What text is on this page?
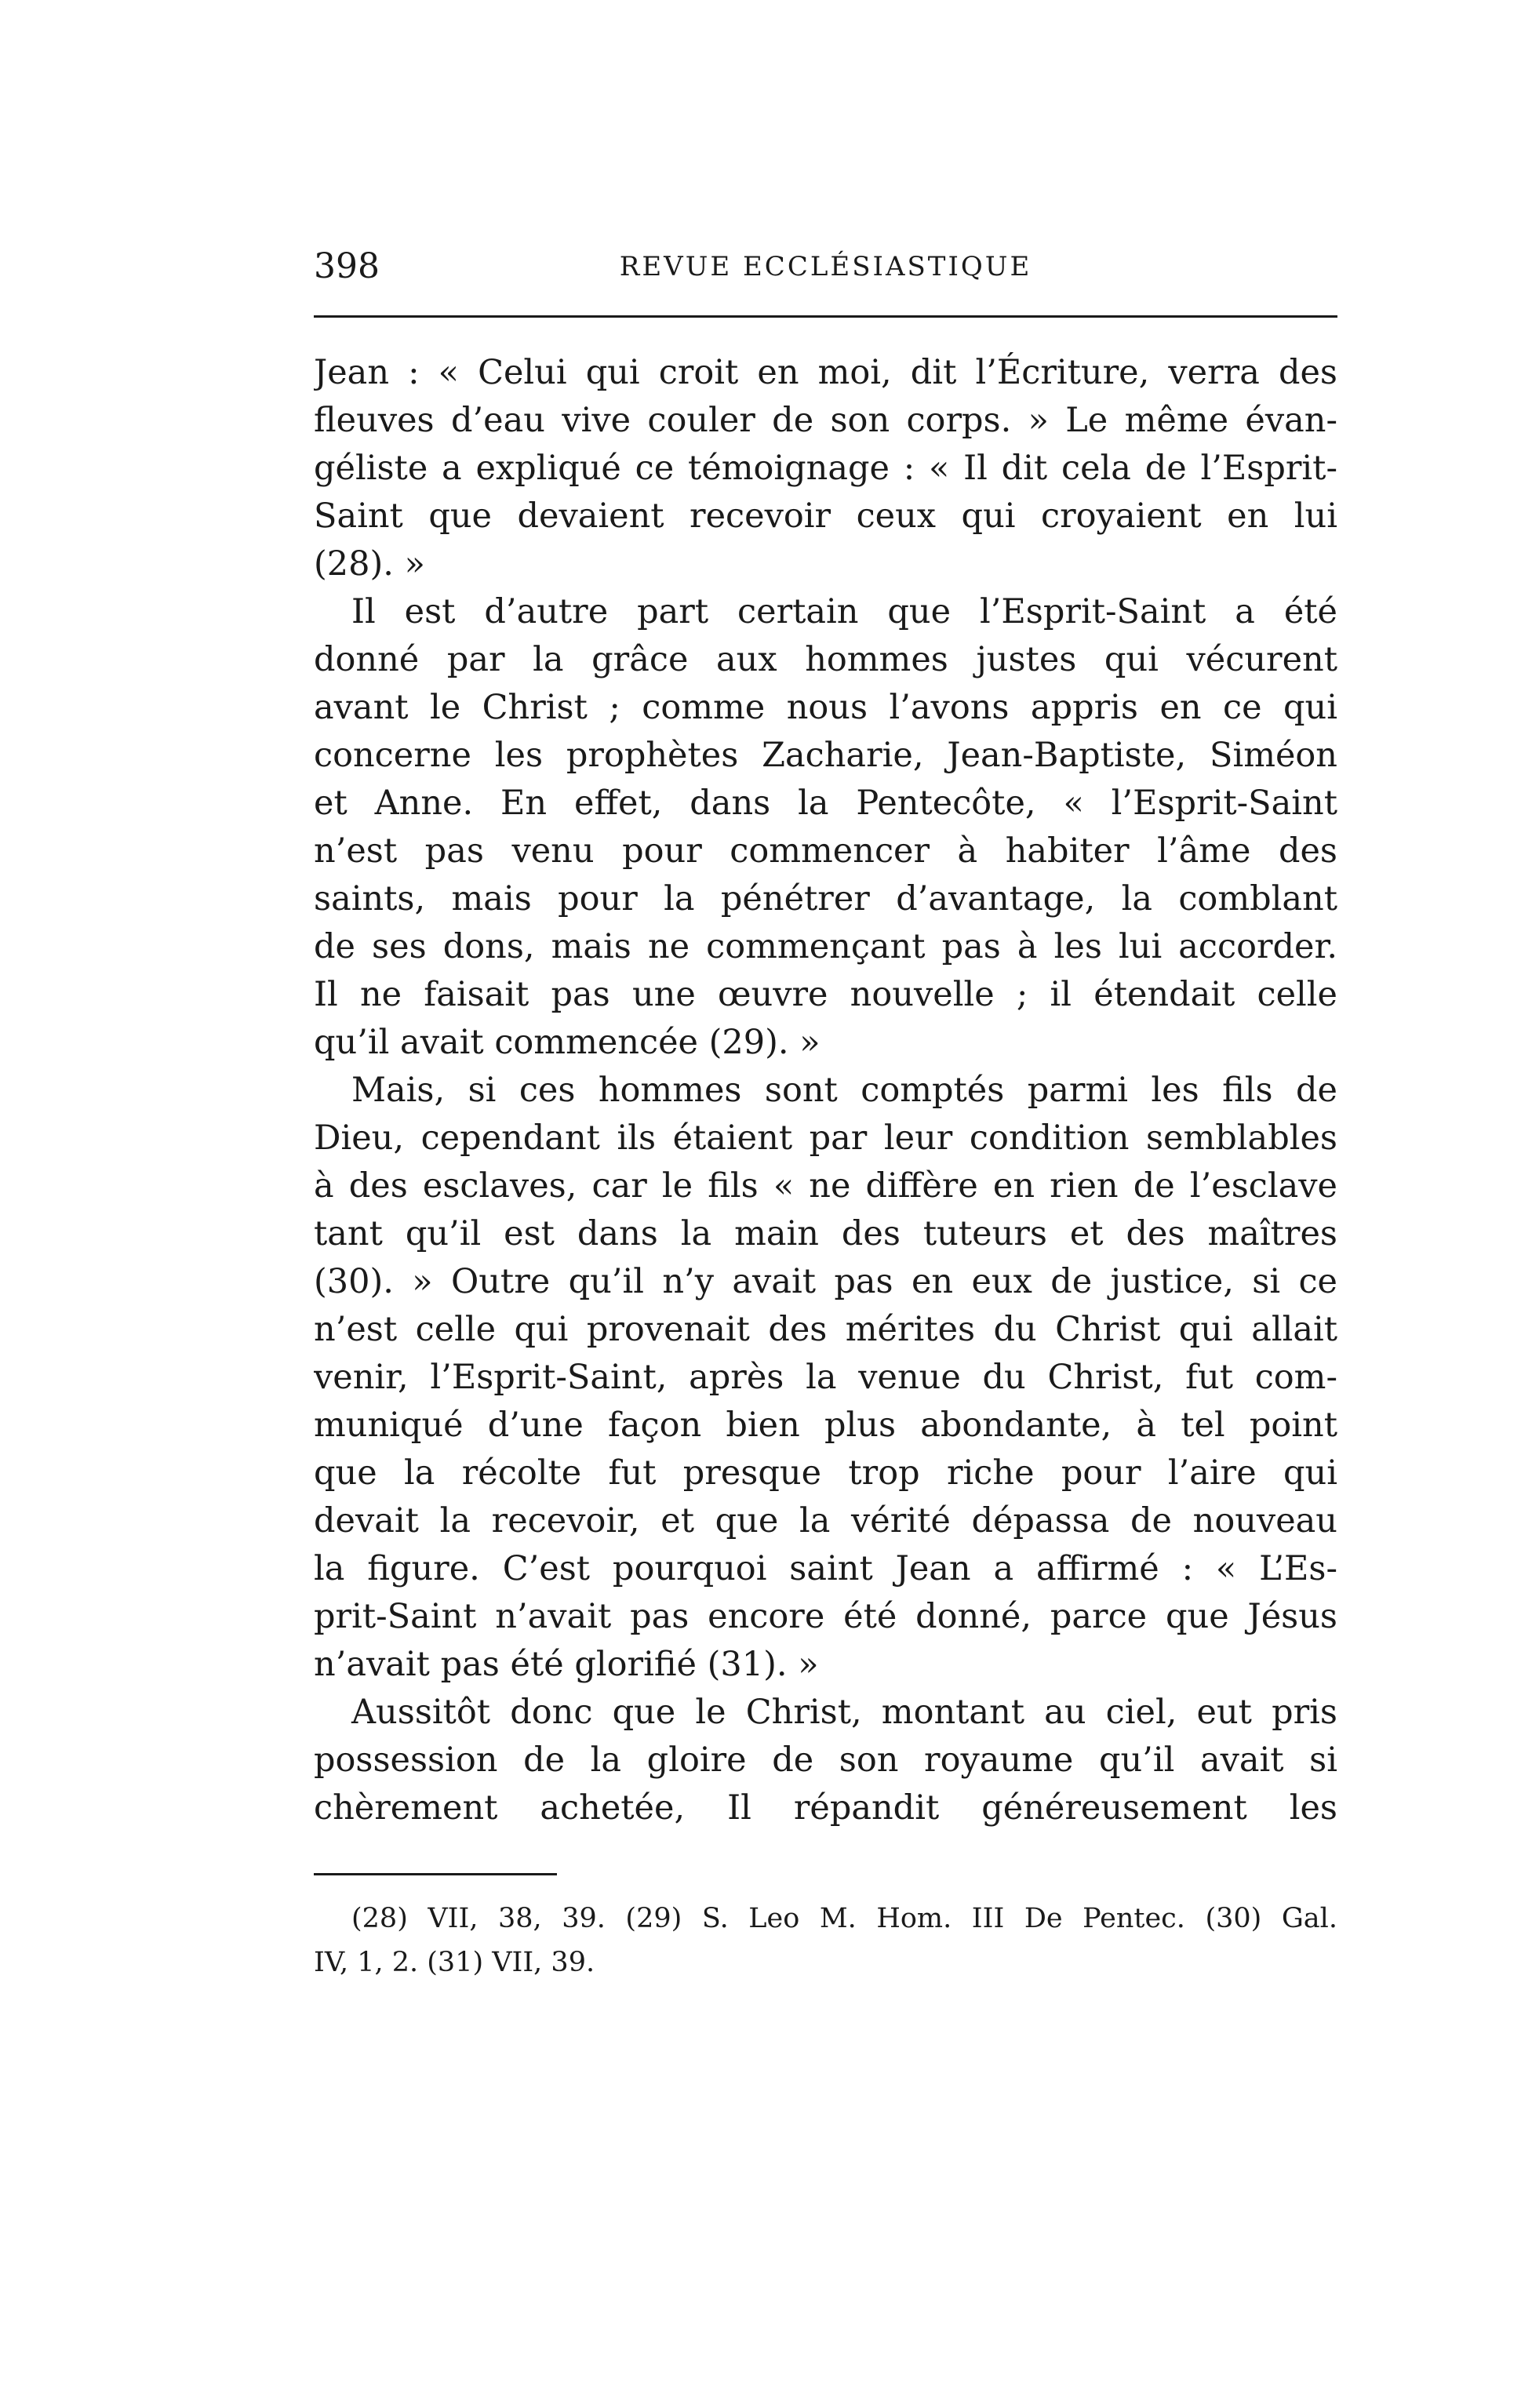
398	REVUE ECCLÉSIASTIQUE
Jean : « Celui qui croit en moi, dit l’Écriture, verra des
fleuves d’eau vive couler de son corps. » Le même évan-
géliste a expliqué ce témoignage : « Il dit cela de l’Esprit-
Saint que devaient recevoir ceux qui croyaient en lui
(28). »
Il est d’autre part certain que l’Esprit-Saint a été
donné par la grâce aux hommes justes qui vécurent
avant le Christ ; comme nous l’avons appris en ce qui
concerne les prophètes Zacharie, Jean-Baptiste, Siméon
et Anne. En effet, dans la Pentecôte, « l’Esprit-Saint
n’est pas venu pour commencer à habiter l’âme des
saints, mais pour la pénétrer d’avantage, la comblant
de ses dons, mais ne commençant pas à les lui accorder.
Il ne faisait pas une œuvre nouvelle ; il étendait celle
qu’il avait commencée (29). »
Mais, si ces hommes sont comptés parmi les fils de
Dieu, cependant ils étaient par leur condition semblables
à des esclaves, car le fils « ne diffère en rien de l’esclave
tant qu’il est dans la main des tuteurs et des maîtres
(30). » Outre qu’il n’y avait pas en eux de justice, si ce
n’est celle qui provenait des mérites du Christ qui allait
venir, l’Esprit-Saint, après la venue du Christ, fut com-
muniqué d’une façon bien plus abondante, à tel point
que la récolte fut presque trop riche pour l’aire qui
devait la recevoir, et que la vérité dépassa de nouveau
la figure. C’est pourquoi saint Jean a affirmé : « L’Es-
prit-Saint n’avait pas encore été donné, parce que Jésus
n’avait pas été glorifié (31). »
Aussitôt donc que le Christ, montant au ciel, eut pris
possession de la gloire de son royaume qu’il avait si
chèrement achetée, Il répandit généreusement les
(28) VII, 38, 39. (29) S. Leo M. Hom. III De Pentec. (30) Gal.
IV, 1, 2. (31) VII, 39.
